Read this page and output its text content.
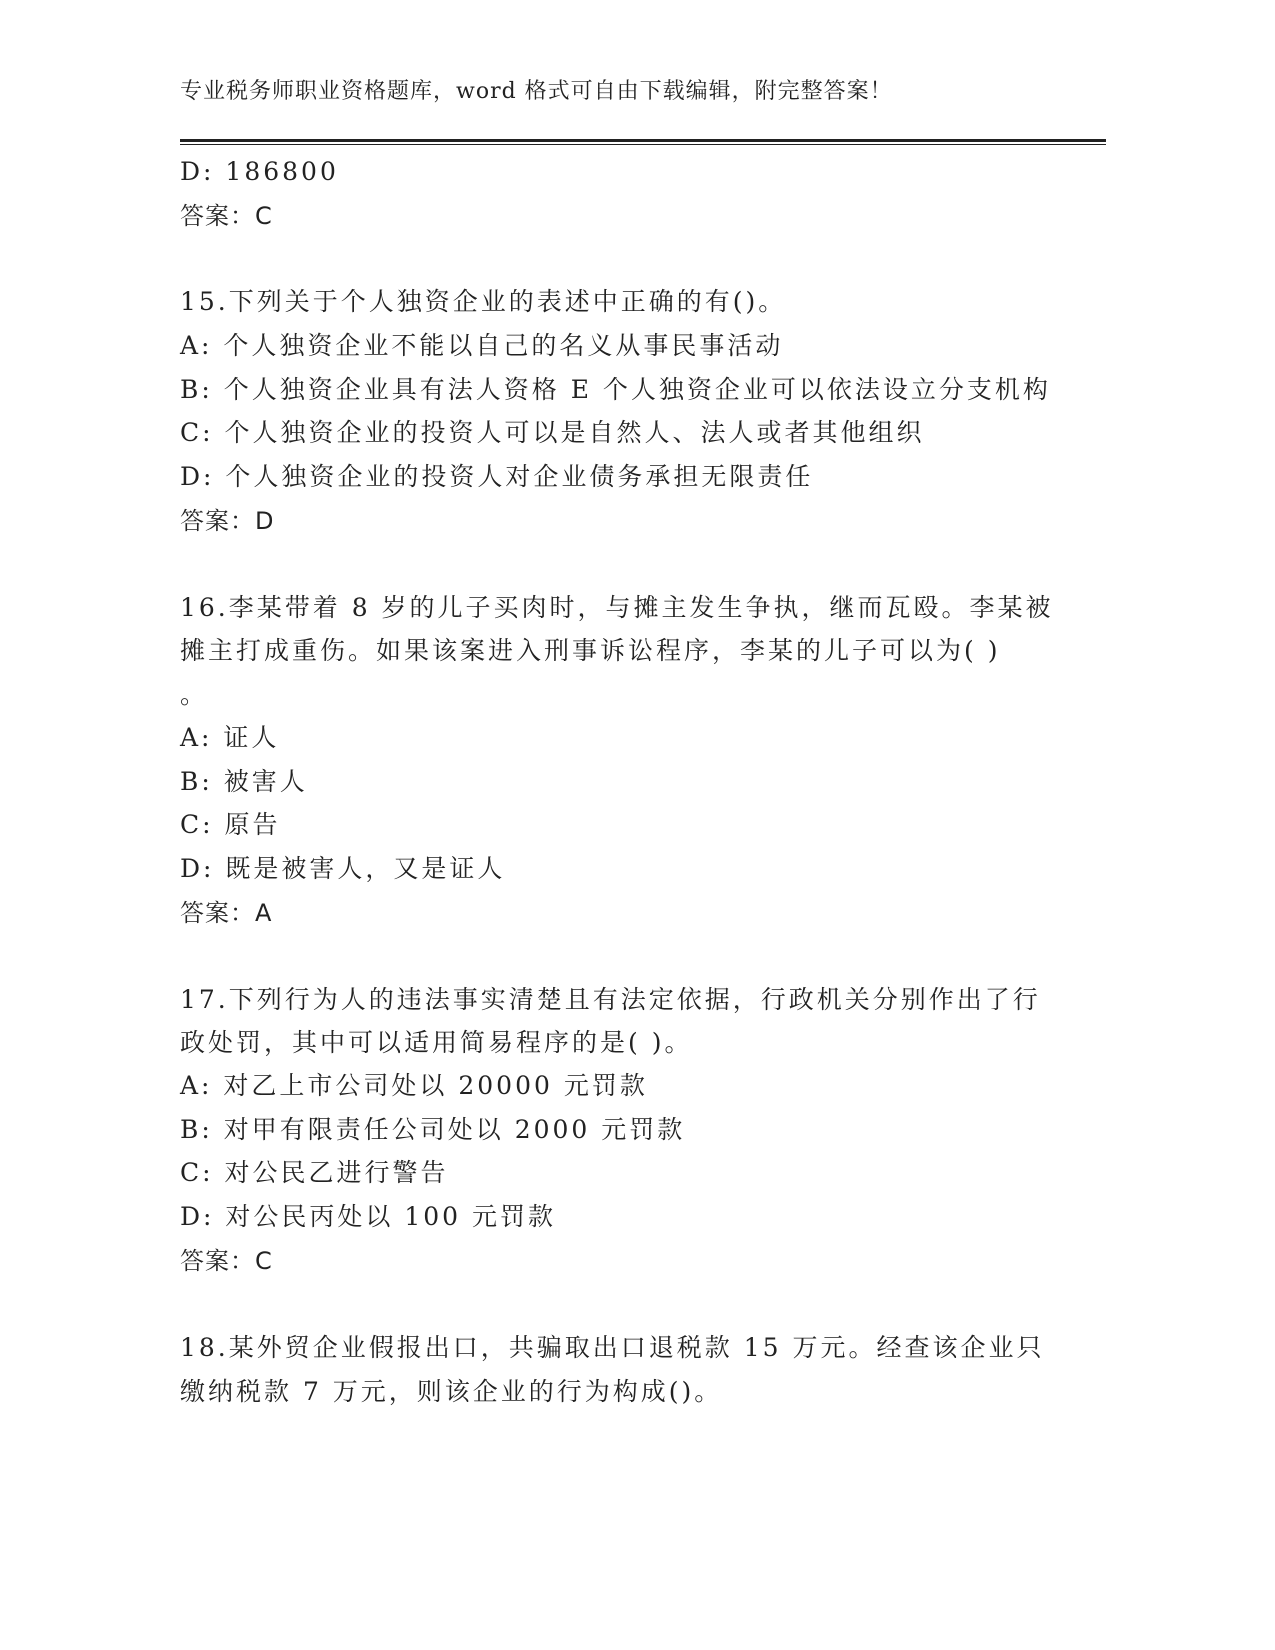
专业税务师职业资格题库，word 格式可自由下载编辑，附完整答案！
D: 186800
答案：C
15.下列关于个人独资企业的表述中正确的有()。
A: 个人独资企业不能以自己的名义从事民事活动
B: 个人独资企业具有法人资格 E 个人独资企业可以依法设立分支机构
C: 个人独资企业的投资人可以是自然人、法人或者其他组织
D: 个人独资企业的投资人对企业债务承担无限责任
答案：D
16.李某带着 8 岁的儿子买肉时，与摊主发生争执，继而瓦殴。李某被
摊主打成重伤。如果该案进入刑事诉讼程序，李某的儿子可以为( )
。
A: 证人
B: 被害人
C: 原告
D: 既是被害人，又是证人
答案：A
17.下列行为人的违法事实清楚且有法定依据，行政机关分别作出了行
政处罚，其中可以适用简易程序的是( )。
A: 对乙上市公司处以 20000 元罚款
B: 对甲有限责任公司处以 2000 元罚款
C: 对公民乙进行警告
D: 对公民丙处以 100 元罚款
答案：C
18.某外贸企业假报出口，共骗取出口退税款 15 万元。经查该企业只
缴纳税款 7 万元，则该企业的行为构成()。
